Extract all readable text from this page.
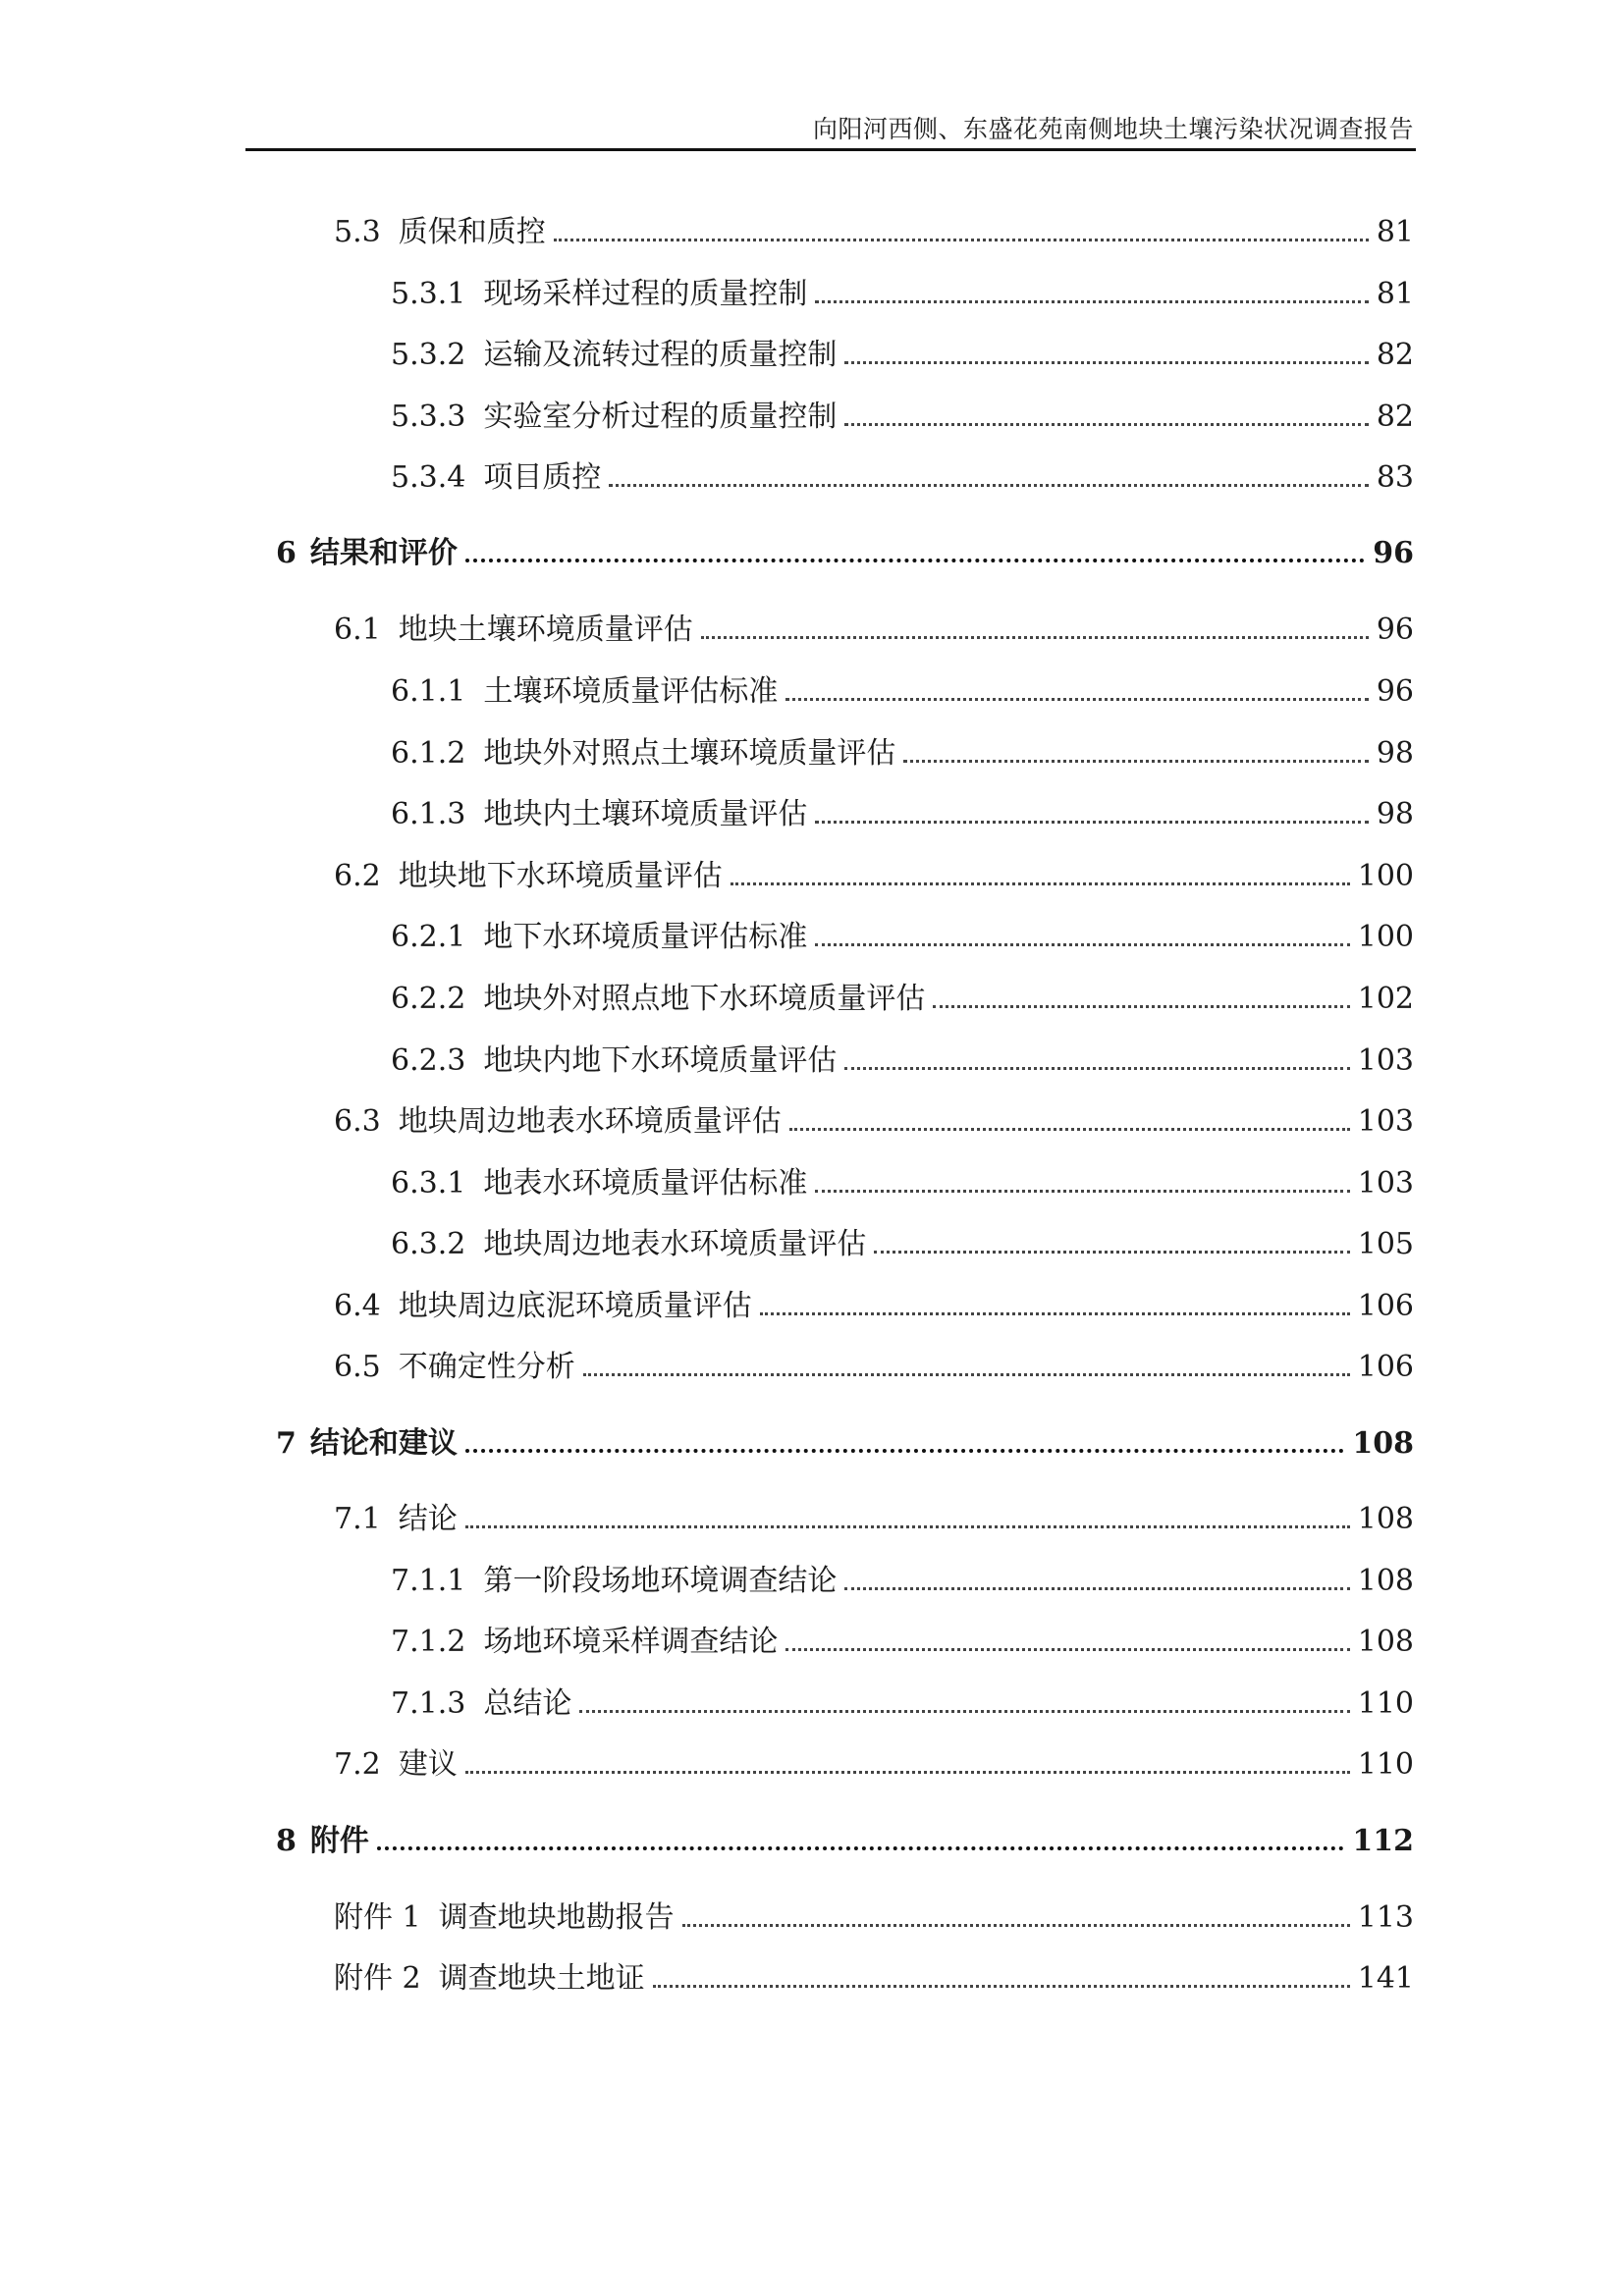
向阳河西侧、东盛花苑南侧地块土壤污染状况调查报告
5.3 质保和质控	81
5.3.1 现场采样过程的质量控制	81
5.3.2 运输及流转过程的质量控制	82
5.3.3 实验室分析过程的质量控制	82
5.3.4 项目质控	83
6 结果和评价	96
6.1 地块土壤环境质量评估	96
6.1.1 土壤环境质量评估标准	96
6.1.2 地块外对照点土壤环境质量评估	98
6.1.3 地块内土壤环境质量评估	98
6.2 地块地下水环境质量评估	100
6.2.1 地下水环境质量评估标准	100
6.2.2 地块外对照点地下水环境质量评估	102
6.2.3 地块内地下水环境质量评估	103
6.3 地块周边地表水环境质量评估	103
6.3.1 地表水环境质量评估标准	103
6.3.2 地块周边地表水环境质量评估	105
6.4 地块周边底泥环境质量评估	106
6.5 不确定性分析	106
7 结论和建议	108
7.1 结论	108
7.1.1 第一阶段场地环境调查结论	108
7.1.2 场地环境采样调查结论	108
7.1.3 总结论	110
7.2 建议	110
8 附件	112
附件 1 调查地块地勘报告	113
附件 2 调查地块土地证	141
